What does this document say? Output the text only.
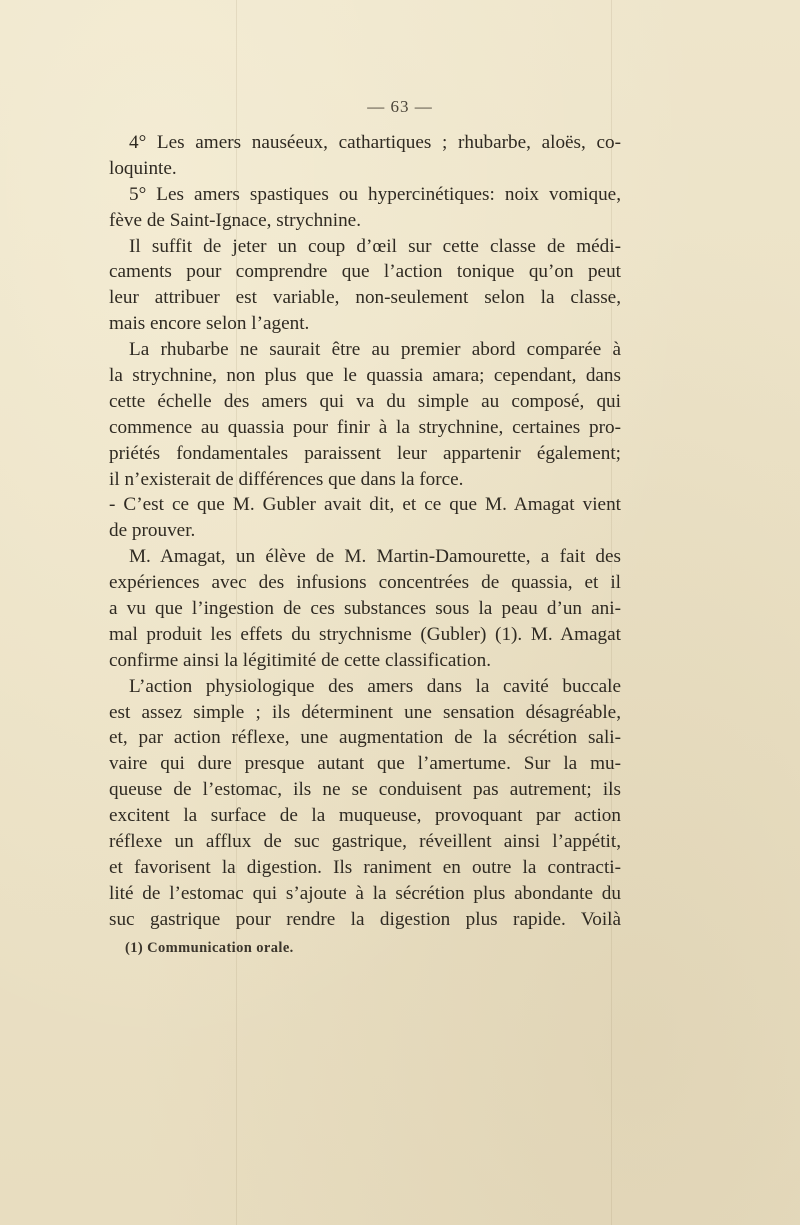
— 63 —
4° Les amers nauséeux, cathartiques ; rhubarbe, aloës, co-
loquinte.
5° Les amers spastiques ou hypercinétiques: noix vomique,
fève de Saint-Ignace, strychnine.
Il suffit de jeter un coup d’œil sur cette classe de médi-
caments pour comprendre que l’action tonique qu’on peut
leur attribuer est variable, non-seulement selon la classe,
mais encore selon l’agent.
La rhubarbe ne saurait être au premier abord comparée à
la strychnine, non plus que le quassia amara; cependant, dans
cette échelle des amers qui va du simple au composé, qui
commence au quassia pour finir à la strychnine, certaines pro-
priétés fondamentales paraissent leur appartenir également;
il n’existerait de différences que dans la force.
- C’est ce que M. Gubler avait dit, et ce que M. Amagat vient
de prouver.
M. Amagat, un élève de M. Martin-Damourette, a fait des
expériences avec des infusions concentrées de quassia, et il
a vu que l’ingestion de ces substances sous la peau d’un ani-
mal produit les effets du strychnisme (Gubler) (1). M. Amagat
confirme ainsi la légitimité de cette classification.
L’action physiologique des amers dans la cavité buccale
est assez simple ; ils déterminent une sensation désagréable,
et, par action réflexe, une augmentation de la sécrétion sali-
vaire qui dure presque autant que l’amertume. Sur la mu-
queuse de l’estomac, ils ne se conduisent pas autrement; ils
excitent la surface de la muqueuse, provoquant par action
réflexe un afflux de suc gastrique, réveillent ainsi l’appétit,
et favorisent la digestion. Ils raniment en outre la contracti-
lité de l’estomac qui s’ajoute à la sécrétion plus abondante du
suc gastrique pour rendre la digestion plus rapide. Voilà
(1) Communication orale.
